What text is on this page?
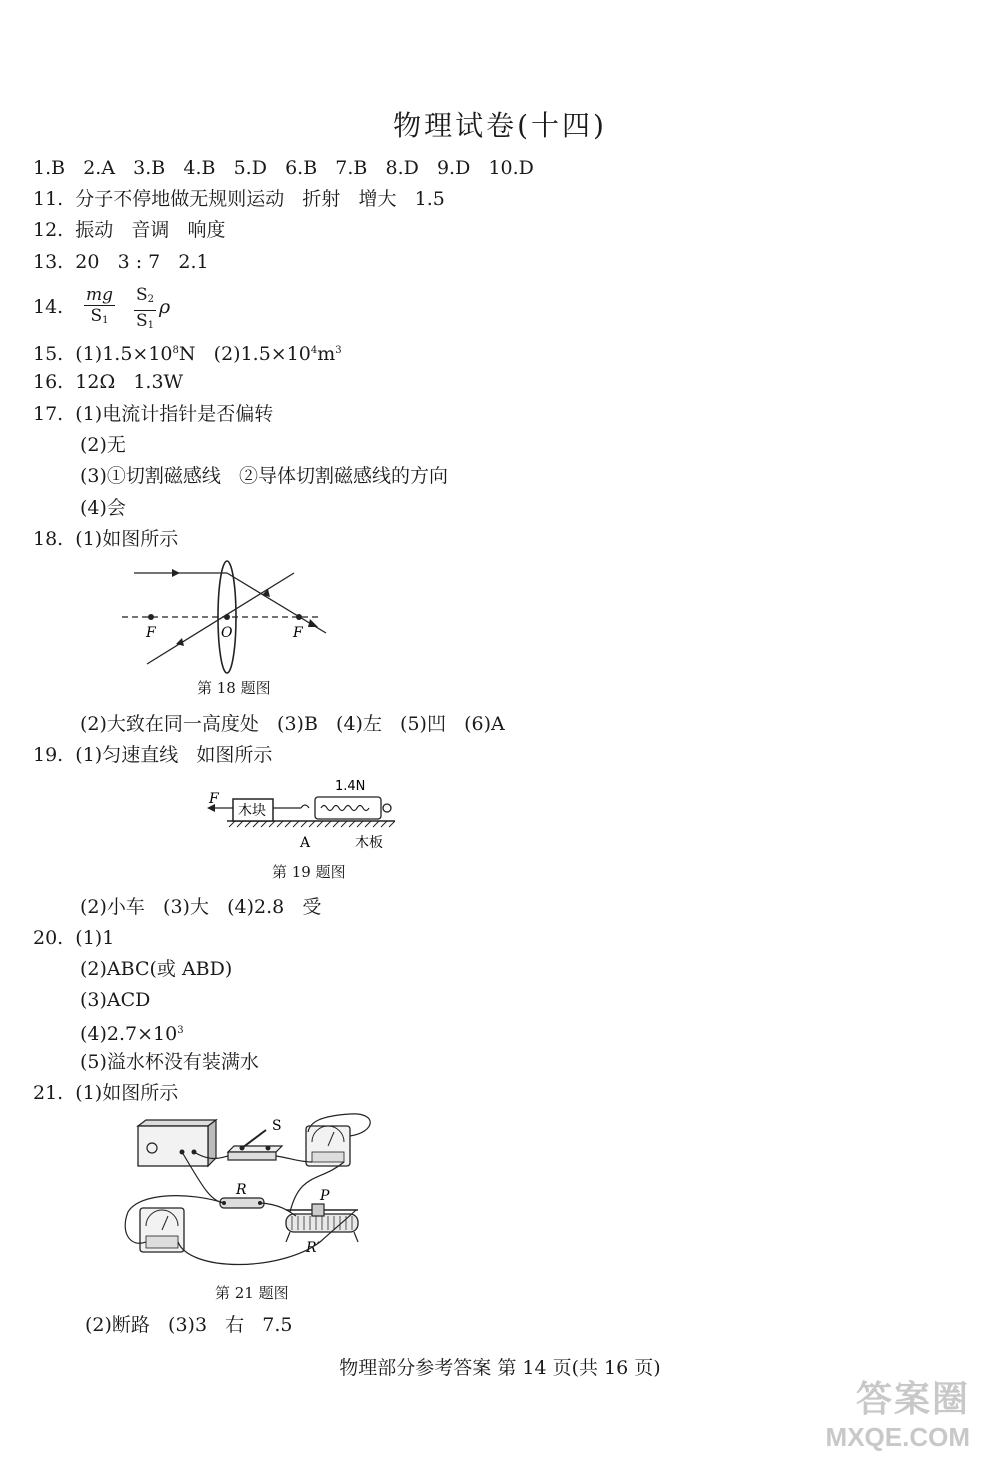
物理试卷(十四)
1.B   2.A   3.B   4.B   5.D   6.B   7.B   8.D   9.D   10.D
11.  分子不停地做无规则运动   折射   增大   1.5
12.  振动   音调   响度
13.  20   3 : 7   2.1
14. $\frac{mg}{S_1} \frac{S_2}{S_1}$ ρ
15.  $(1)1.5\times 10^8N$   $(2)1.5\times 10^4m^3$
16.  12Ω   1.3W
17.  (1)电流计指针是否偏转
(2)无
(3)①切割磁感线   ②导体切割磁感线的方向
(4)会
18.  (1)如图所示
F	O	F
第 18 题图
(2)大致在同一高度处   (3)B   (4)左   (5)凹   (6)A
19.  (1)匀速直线   如图所示
木块
F
1.4N
A	木板
第 19 题图
(2)小车   (3)大   (4)2.8   受
20.  (1)1
(2)ABC(或 ABD)
(3)ACD
$(4)2.7\times 10^3$
(5)溢水杯没有装满水
21.  (1)如图所示
S
R	P
R′
第 21 题图
(2)断路   (3)3   右   7.5
物理部分参考答案 第 14 页(共 16 页)
答案圈
MXQE.COM
